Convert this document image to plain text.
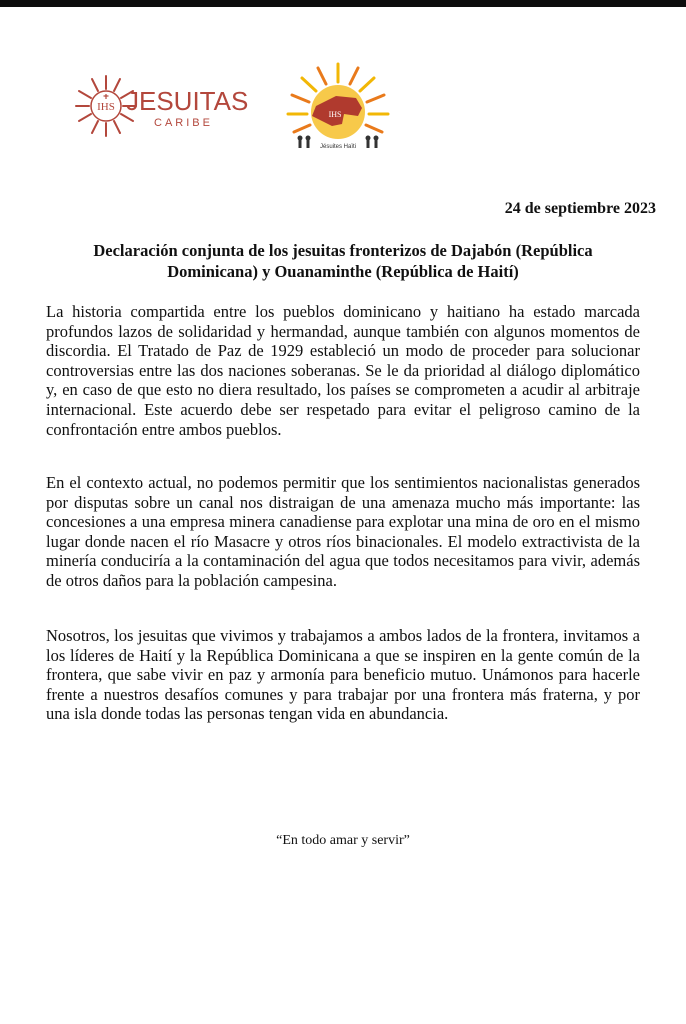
IHS JESUITAS
CARIBE
IHS
Jésuites Haïti
24 de septiembre 2023
Declaración conjunta de los jesuitas fronterizos de Dajabón (República Dominicana) y Ouanaminthe (República de Haití)

La historia compartida entre los pueblos dominicano y haitiano ha estado marcada profundos lazos de solidaridad y hermandad, aunque también con algunos momentos de discordia. El Tratado de Paz de 1929 estableció un modo de proceder para solucionar controversias entre las dos naciones soberanas. Se le da prioridad al diálogo diplomático y, en caso de que esto no diera resultado, los países se comprometen a acudir al arbitraje internacional. Este acuerdo debe ser respetado para evitar el peligroso camino de la confrontación entre ambos pueblos.

En el contexto actual, no podemos permitir que los sentimientos nacionalistas generados por disputas sobre un canal nos distraigan de una amenaza mucho más importante: las concesiones a una empresa minera canadiense para explotar una mina de oro en el mismo lugar donde nacen el río Masacre y otros ríos binacionales. El modelo extractivista de la minería conduciría a la contaminación del agua que todos necesitamos para vivir, además de otros daños para la población campesina.

Nosotros, los jesuitas que vivimos y trabajamos a ambos lados de la frontera, invitamos a los líderes de Haití y la República Dominicana a que se inspiren en la gente común de la frontera, que sabe vivir en paz y armonía para beneficio mutuo. Unámonos para hacerle frente a nuestros desafíos comunes y para trabajar por una frontera más fraterna, y por una isla donde todas las personas tengan vida en abundancia.

“En todo amar y servir”
